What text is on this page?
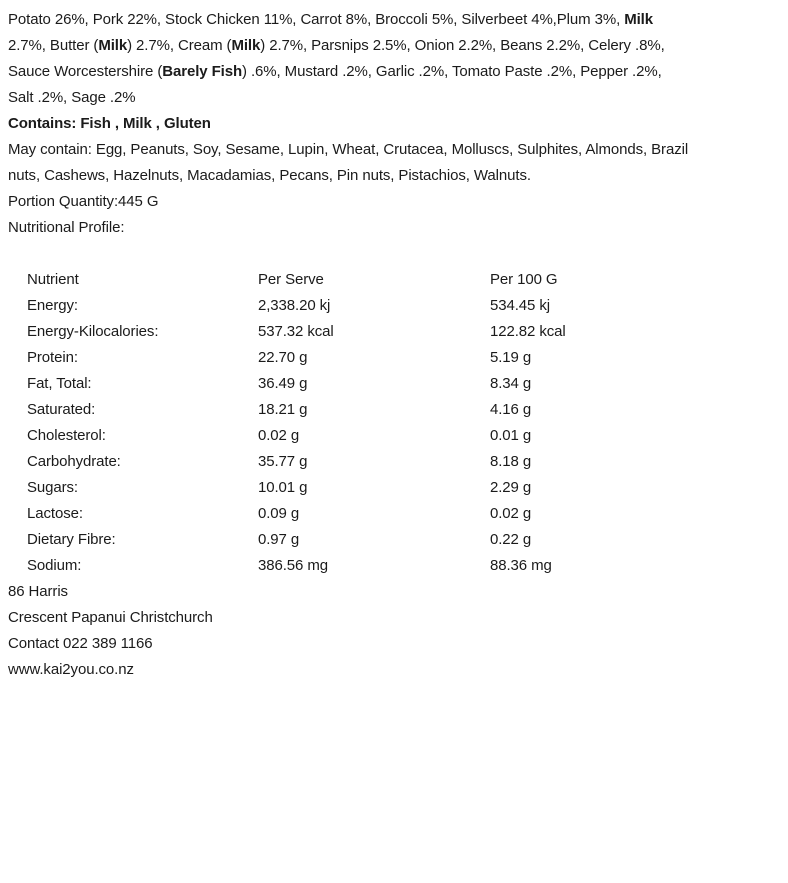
Potato 26%, Pork 22%, Stock Chicken 11%, Carrot 8%, Broccoli 5%, Silverbeet 4%,Plum 3%, Milk
2.7%, Butter (Milk) 2.7%, Cream (Milk) 2.7%, Parsnips 2.5%, Onion 2.2%, Beans 2.2%, Celery .8%,
Sauce Worcestershire (Barely Fish) .6%, Mustard .2%, Garlic .2%, Tomato Paste .2%, Pepper .2%,
Salt .2%, Sage .2%

Contains: Fish , Milk , Gluten

May contain: Egg, Peanuts, Soy, Sesame, Lupin, Wheat, Crutacea, Molluscs, Sulphites, Almonds, Brazil
nuts, Cashews, Hazelnuts, Macadamias, Pecans, Pin nuts, Pistachios, Walnuts.

Portion Quantity:445 G

Nutritional Profile:

Nutrient	Per Serve	Per 100 G
Energy:	2,338.20 kj	534.45 kj
Energy-Kilocalories:	537.32 kcal	122.82 kcal
Protein:	22.70 g	5.19 g
Fat, Total:	36.49 g	8.34 g
Saturated:	18.21 g	4.16 g
Cholesterol:	0.02 g	0.01 g
Carbohydrate:	35.77 g	8.18 g
Sugars:	10.01 g	2.29 g
Lactose:	0.09 g	0.02 g
Dietary Fibre:	0.97 g	0.22 g
Sodium:	386.56 mg	88.36 mg

86 Harris

Crescent Papanui Christchurch

Contact 022 389 1166

www.kai2you.co.nz
